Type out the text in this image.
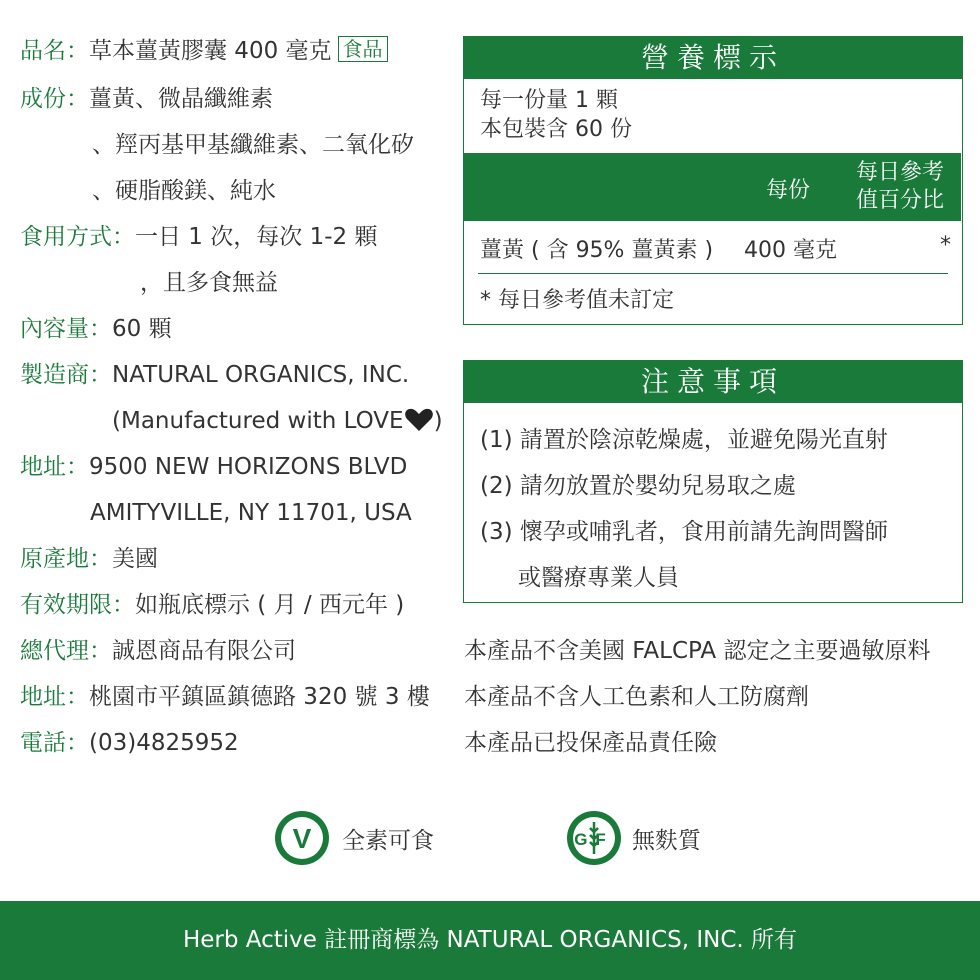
品名：草本薑黃膠囊 400 毫克 食品
成份：薑黃、微晶纖維素
、羥丙基甲基纖維素、二氧化矽
、硬脂酸鎂、純水
食用方式：一日 1 次，每次 1-2 顆
，且多食無益
內容量：60 顆
製造商：NATURAL ORGANICS, INC.
(Manufactured with LOVE )
地址：9500 NEW HORIZONS BLVD
AMITYVILLE, NY 11701, USA
原產地：美國
有效期限：如瓶底標示 ( 月 / 西元年 )
總代理：誠恩商品有限公司
地址：桃園市平鎮區鎮德路 320 號 3 樓
電話：(03)4825952
營養標示
每一份量 1 顆
本包裝含 60 份
每份
每日參考
值百分比
薑黃 ( 含 95% 薑黃素 ) 400 毫克	*
* 每日參考值未訂定
注意事項
(1) 請置於陰涼乾燥處，並避免陽光直射
(2) 請勿放置於嬰幼兒易取之處
(3) 懷孕或哺乳者，食用前請先詢問醫師
或醫療專業人員
本產品不含美國 FALCPA 認定之主要過敏原料
本產品不含人工色素和人工防腐劑
本產品已投保產品責任險
V 全素可食	GF 無麩質
Herb Active 註冊商標為 NATURAL ORGANICS, INC. 所有
